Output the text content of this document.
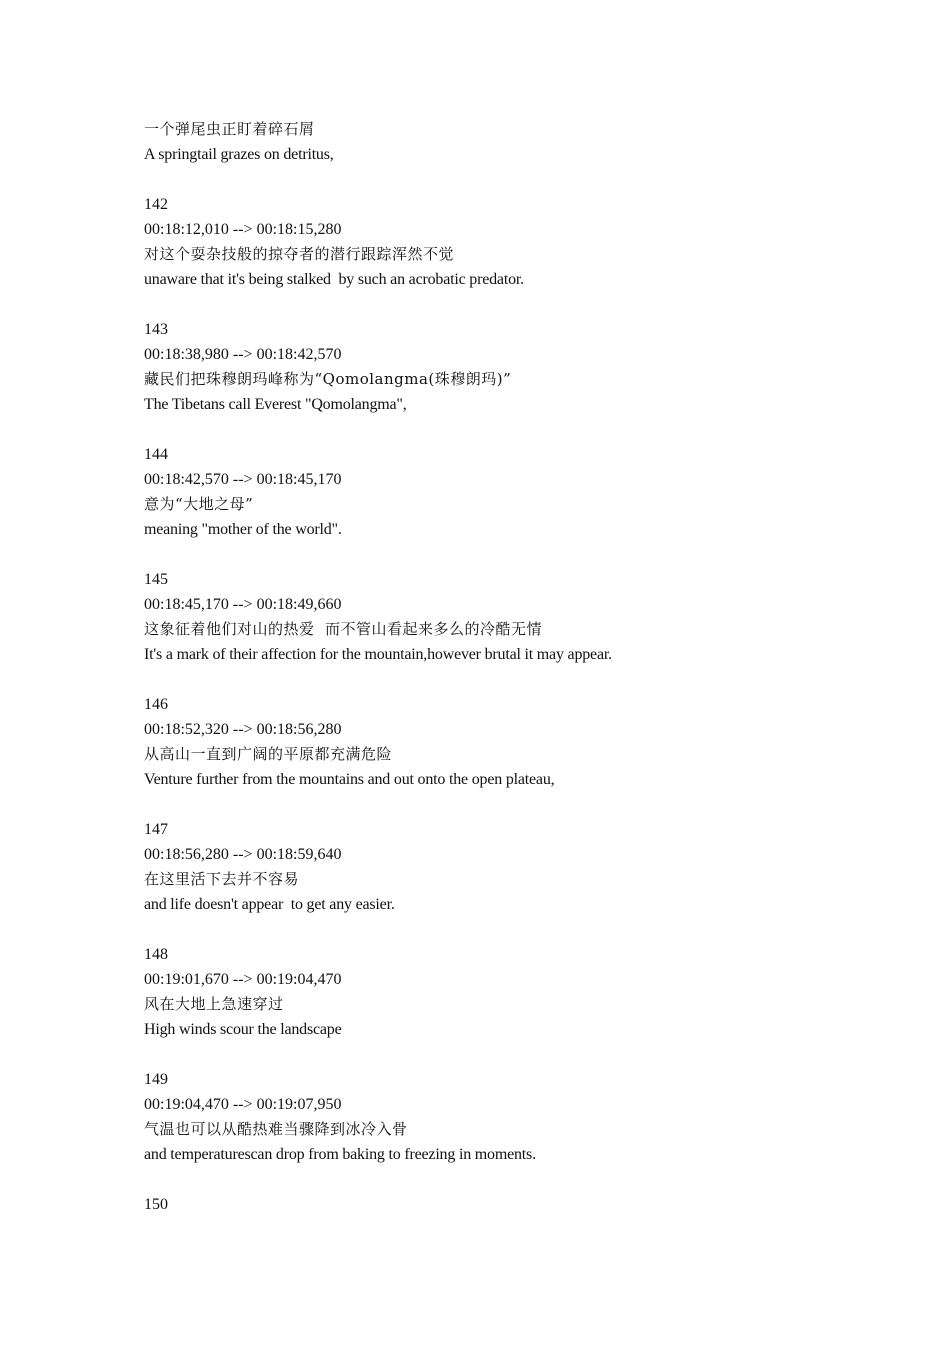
一个弹尾虫正盯着碎石屑
A springtail grazes on detritus,
142
00:18:12,010 --> 00:18:15,280
对这个耍杂技般的掠夺者的潜行跟踪浑然不觉
unaware that it's being stalked  by such an acrobatic predator.
143
00:18:38,980 --> 00:18:42,570
藏民们把珠穆朗玛峰称为“Qomolangma(珠穆朗玛)”
The Tibetans call Everest "Qomolangma",
144
00:18:42,570 --> 00:18:45,170
意为“大地之母”
meaning "mother of the world".
145
00:18:45,170 --> 00:18:49,660
这象征着他们对山的热爱  而不管山看起来多么的冷酷无情
It's a mark of their affection for the mountain,however brutal it may appear.
146
00:18:52,320 --> 00:18:56,280
从高山一直到广阔的平原都充满危险
Venture further from the mountains and out onto the open plateau,
147
00:18:56,280 --> 00:18:59,640
在这里活下去并不容易
and life doesn't appear  to get any easier.
148
00:19:01,670 --> 00:19:04,470
风在大地上急速穿过
High winds scour the landscape
149
00:19:04,470 --> 00:19:07,950
气温也可以从酷热难当骤降到冰冷入骨
and temperaturescan drop from baking to freezing in moments.
150
